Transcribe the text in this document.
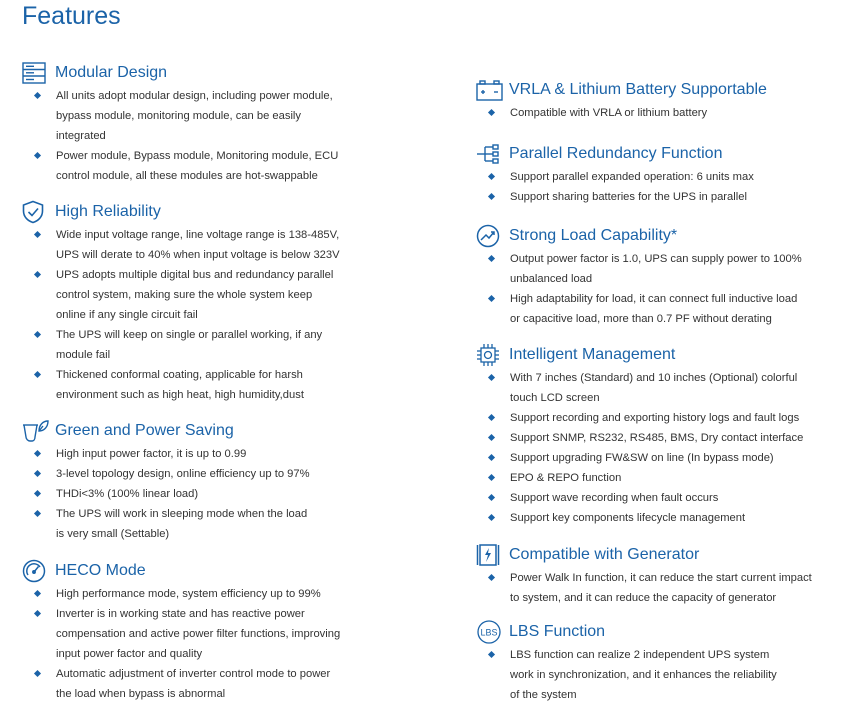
Features
Modular Design
All units adopt modular design, including power module,
bypass module, monitoring module, can be easily
integrated
Power module, Bypass module, Monitoring module, ECU
control module, all these modules are hot-swappable
High Reliability
Wide input voltage range, line voltage range is 138-485V,
UPS will derate to 40% when input voltage is below 323V
UPS adopts multiple digital bus and redundancy parallel
control system, making sure the whole system keep
online if any single circuit fail
The UPS will keep on single or parallel working, if any
module fail
Thickened conformal coating, applicable for harsh
environment such as high heat, high humidity,dust
Green and Power Saving
High input power factor, it is up to 0.99
3-level topology design, online efficiency up to 97%
THDi<3% (100% linear load)
The UPS will work in sleeping mode when the load
is very small (Settable)
HECO Mode
High performance mode, system efficiency up to 99%
Inverter is in working state and has reactive power
compensation and active power filter functions, improving
input power factor and quality
Automatic adjustment of inverter control mode to power
the load when bypass is abnormal
VRLA & Lithium Battery Supportable
Compatible with VRLA or lithium battery
Parallel Redundancy Function
Support parallel expanded operation: 6 units max
Support sharing batteries for the UPS in parallel
Strong Load Capability*
Output power factor is 1.0, UPS can supply power to 100%
unbalanced load
High adaptability for load, it can connect full inductive load
or capacitive load, more than 0.7 PF without derating
Intelligent Management
With 7 inches (Standard) and 10 inches (Optional) colorful
touch LCD screen
Support recording and exporting history logs and fault logs
Support SNMP, RS232, RS485, BMS, Dry contact interface
Support upgrading FW&SW on line (In bypass mode)
EPO & REPO function
Support wave recording when fault occurs
Support key components lifecycle management
Compatible with Generator
Power Walk In function, it can reduce the start current impact
to system, and it can reduce the capacity of generator
LBS LBS Function
LBS function can realize 2 independent UPS system
work in synchronization, and it enhances the reliability
of the system
